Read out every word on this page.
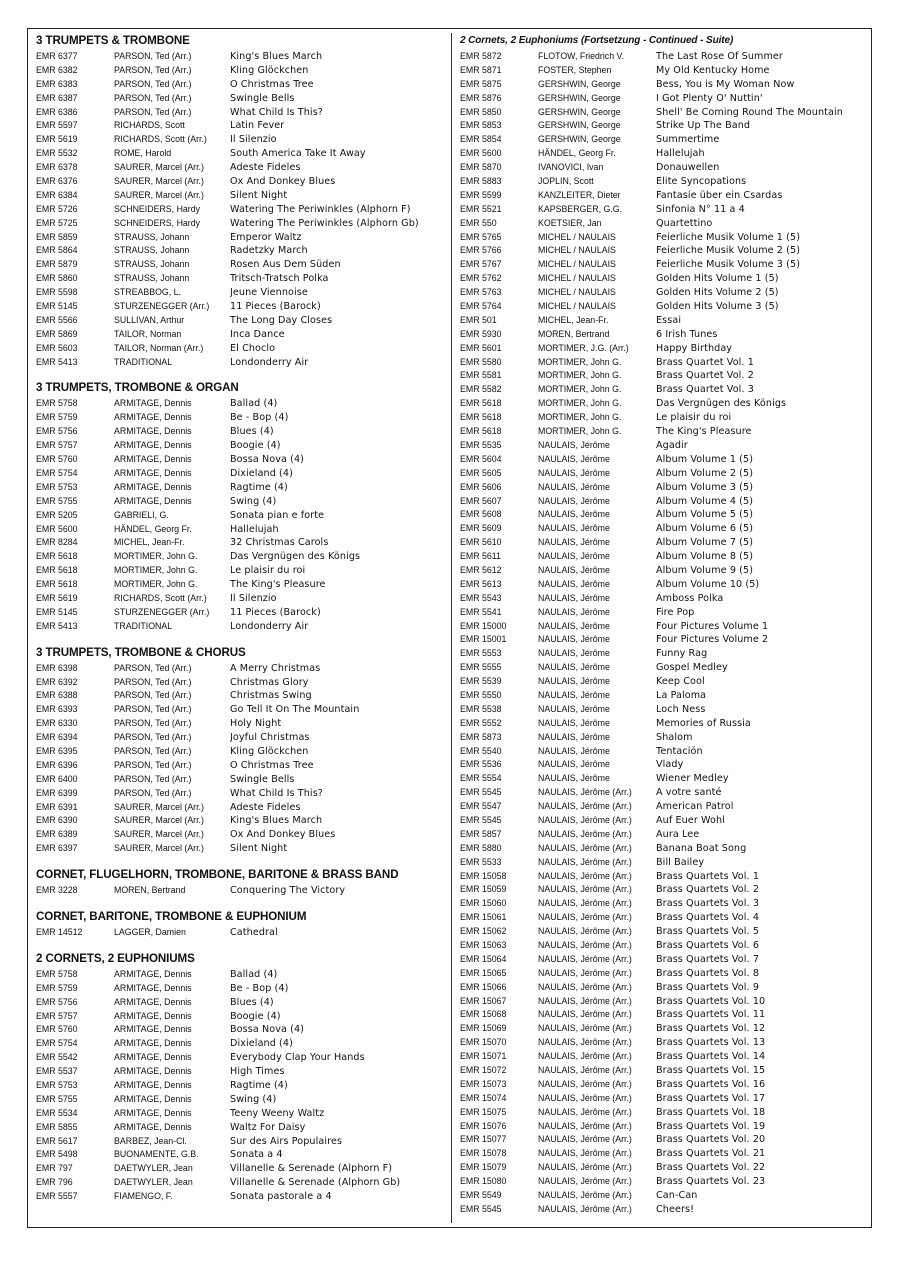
3 TRUMPETS & TROMBONE
EMR 6377	PARSON, Ted (Arr.)	King's Blues March
EMR 6382	PARSON, Ted (Arr.)	Kling Glöckchen
EMR 6383	PARSON, Ted (Arr.)	O Christmas Tree
EMR 6387	PARSON, Ted (Arr.)	Swingle Bells
EMR 6386	PARSON, Ted (Arr.)	What Child Is This?
EMR 5597	RICHARDS, Scott	Latin Fever
EMR 5619	RICHARDS, Scott (Arr.)	Il Silenzio
EMR 5532	ROME, Harold	South America Take It Away
EMR 6378	SAURER, Marcel (Arr.)	Adeste Fideles
EMR 6376	SAURER, Marcel (Arr.)	Ox And Donkey Blues
EMR 6384	SAURER, Marcel (Arr.)	Silent Night
EMR 5726	SCHNEIDERS, Hardy	Watering The Periwinkles (Alphorn F)
EMR 5725	SCHNEIDERS, Hardy	Watering The Periwinkles (Alphorn Gb)
EMR 5859	STRAUSS, Johann	Emperor Waltz
EMR 5864	STRAUSS, Johann	Radetzky March
EMR 5879	STRAUSS, Johann	Rosen Aus Dem Süden
EMR 5860	STRAUSS, Johann	Tritsch-Tratsch Polka
EMR 5598	STREABBOG, L.	Jeune Viennoise
EMR 5145	STURZENEGGER (Arr.)	11 Pieces (Barock)
EMR 5566	SULLIVAN, Arthur	The Long Day Closes
EMR 5869	TAILOR, Norman	Inca Dance
EMR 5603	TAILOR, Norman (Arr.)	El Choclo
EMR 5413	TRADITIONAL	Londonderry Air
3 TRUMPETS, TROMBONE & ORGAN
EMR 5758	ARMITAGE, Dennis	Ballad (4)
EMR 5759	ARMITAGE, Dennis	Be - Bop (4)
EMR 5756	ARMITAGE, Dennis	Blues (4)
EMR 5757	ARMITAGE, Dennis	Boogie (4)
EMR 5760	ARMITAGE, Dennis	Bossa Nova (4)
EMR 5754	ARMITAGE, Dennis	Dixieland (4)
EMR 5753	ARMITAGE, Dennis	Ragtime (4)
EMR 5755	ARMITAGE, Dennis	Swing (4)
EMR 5205	GABRIELI, G.	Sonata pian e forte
EMR 5600	HÄNDEL, Georg Fr.	Hallelujah
EMR 8284	MICHEL, Jean-Fr.	32 Christmas Carols
EMR 5618	MORTIMER, John G.	Das Vergnügen des Königs
EMR 5618	MORTIMER, John G.	Le plaisir du roi
EMR 5618	MORTIMER, John G.	The King's Pleasure
EMR 5619	RICHARDS, Scott (Arr.)	Il Silenzio
EMR 5145	STURZENEGGER (Arr.)	11 Pieces (Barock)
EMR 5413	TRADITIONAL	Londonderry Air
3 TRUMPETS, TROMBONE & CHORUS
EMR 6398	PARSON, Ted (Arr.)	A Merry Christmas
EMR 6392	PARSON, Ted (Arr.)	Christmas Glory
EMR 6388	PARSON, Ted (Arr.)	Christmas Swing
EMR 6393	PARSON, Ted (Arr.)	Go Tell It On The Mountain
EMR 6330	PARSON, Ted (Arr.)	Holy Night
EMR 6394	PARSON, Ted (Arr.)	Joyful Christmas
EMR 6395	PARSON, Ted (Arr.)	Kling Glöckchen
EMR 6396	PARSON, Ted (Arr.)	O Christmas Tree
EMR 6400	PARSON, Ted (Arr.)	Swingle Bells
EMR 6399	PARSON, Ted (Arr.)	What Child Is This?
EMR 6391	SAURER, Marcel (Arr.)	Adeste Fideles
EMR 6390	SAURER, Marcel (Arr.)	King's Blues March
EMR 6389	SAURER, Marcel (Arr.)	Ox And Donkey Blues
EMR 6397	SAURER, Marcel (Arr.)	Silent Night
CORNET, FLUGELHORN, TROMBONE, BARITONE & BRASS BAND
EMR 3228	MOREN, Bertrand	Conquering The Victory
CORNET, BARITONE, TROMBONE & EUPHONIUM
EMR 14512	LAGGER, Damien	Cathedral
2 CORNETS, 2 EUPHONIUMS
EMR 5758	ARMITAGE, Dennis	Ballad (4)
EMR 5759	ARMITAGE, Dennis	Be - Bop (4)
EMR 5756	ARMITAGE, Dennis	Blues (4)
EMR 5757	ARMITAGE, Dennis	Boogie (4)
EMR 5760	ARMITAGE, Dennis	Bossa Nova (4)
EMR 5754	ARMITAGE, Dennis	Dixieland (4)
EMR 5542	ARMITAGE, Dennis	Everybody Clap Your Hands
EMR 5537	ARMITAGE, Dennis	High Times
EMR 5753	ARMITAGE, Dennis	Ragtime (4)
EMR 5755	ARMITAGE, Dennis	Swing (4)
EMR 5534	ARMITAGE, Dennis	Teeny Weeny Waltz
EMR 5855	ARMITAGE, Dennis	Waltz For Daisy
EMR 5617	BARBEZ, Jean-Cl.	Sur des Airs Populaires
EMR 5498	BUONAMENTE, G.B.	Sonata a 4
EMR 797	DAETWYLER, Jean	Villanelle & Serenade (Alphorn F)
EMR 796	DAETWYLER, Jean	Villanelle & Serenade (Alphorn Gb)
EMR 5557	FIAMENGO, F.	Sonata pastorale a 4
2 Cornets, 2 Euphoniums (Fortsetzung - Continued - Suite)
EMR 5872	FLOTOW, Friedrich V.	The Last Rose Of Summer
EMR 5871	FOSTER, Stephen	My Old Kentucky Home
EMR 5875	GERSHWIN, George	Bess, You is My Woman Now
EMR 5876	GERSHWIN, George	I Got Plenty O' Nuttin'
EMR 5850	GERSHWIN, George	Shell' Be Coming Round The Mountain
EMR 5853	GERSHWIN, George	Strike Up The Band
EMR 5854	GERSHWIN, George	Summertime
EMR 5600	HÄNDEL, Georg Fr.	Hallelujah
EMR 5870	IVANOVICI, Ivan	Donauwellen
EMR 5883	JOPLIN, Scott	Elite Syncopations
EMR 5599	KANZLEITER, Dieter	Fantasie über ein Csardas
EMR 5521	KAPSBERGER, G.G.	Sinfonia N° 11 a 4
EMR 550	KOETSIER, Jan	Quartettino
EMR 5765	MICHEL / NAULAIS	Feierliche Musik Volume 1 (5)
EMR 5766	MICHEL / NAULAIS	Feierliche Musik Volume 2 (5)
EMR 5767	MICHEL / NAULAIS	Feierliche Musik Volume 3 (5)
EMR 5762	MICHEL / NAULAIS	Golden Hits Volume 1 (5)
EMR 5763	MICHEL / NAULAIS	Golden Hits Volume 2 (5)
EMR 5764	MICHEL / NAULAIS	Golden Hits Volume 3 (5)
EMR 501	MICHEL, Jean-Fr.	Essai
EMR 5930	MOREN, Bertrand	6 Irish Tunes
EMR 5601	MORTIMER, J.G. (Arr.)	Happy Birthday
EMR 5580	MORTIMER, John G.	Brass Quartet Vol. 1
EMR 5581	MORTIMER, John G.	Brass Quartet Vol. 2
EMR 5582	MORTIMER, John G.	Brass Quartet Vol. 3
EMR 5618	MORTIMER, John G.	Das Vergnügen des Königs
EMR 5618	MORTIMER, John G.	Le plaisir du roi
EMR 5618	MORTIMER, John G.	The King's Pleasure
EMR 5535	NAULAIS, Jérôme	Agadir
EMR 5604	NAULAIS, Jérôme	Album Volume 1 (5)
EMR 5605	NAULAIS, Jérôme	Album Volume 2 (5)
EMR 5606	NAULAIS, Jérôme	Album Volume 3 (5)
EMR 5607	NAULAIS, Jérôme	Album Volume 4 (5)
EMR 5608	NAULAIS, Jérôme	Album Volume 5 (5)
EMR 5609	NAULAIS, Jérôme	Album Volume 6 (5)
EMR 5610	NAULAIS, Jérôme	Album Volume 7 (5)
EMR 5611	NAULAIS, Jérôme	Album Volume 8 (5)
EMR 5612	NAULAIS, Jérôme	Album Volume 9 (5)
EMR 5613	NAULAIS, Jérôme	Album Volume 10 (5)
EMR 5543	NAULAIS, Jérôme	Amboss Polka
EMR 5541	NAULAIS, Jérôme	Fire Pop
EMR 15000	NAULAIS, Jérôme	Four Pictures Volume 1
EMR 15001	NAULAIS, Jérôme	Four Pictures Volume 2
EMR 5553	NAULAIS, Jérôme	Funny Rag
EMR 5555	NAULAIS, Jérôme	Gospel Medley
EMR 5539	NAULAIS, Jérôme	Keep Cool
EMR 5550	NAULAIS, Jérôme	La Paloma
EMR 5538	NAULAIS, Jérôme	Loch Ness
EMR 5552	NAULAIS, Jérôme	Memories of Russia
EMR 5873	NAULAIS, Jérôme	Shalom
EMR 5540	NAULAIS, Jérôme	Tentación
EMR 5536	NAULAIS, Jérôme	Vlady
EMR 5554	NAULAIS, Jérôme	Wiener Medley
EMR 5545	NAULAIS, Jérôme (Arr.)	A votre santé
EMR 5547	NAULAIS, Jérôme (Arr.)	American Patrol
EMR 5545	NAULAIS, Jérôme (Arr.)	Auf Euer Wohl
EMR 5857	NAULAIS, Jérôme (Arr.)	Aura Lee
EMR 5880	NAULAIS, Jérôme (Arr.)	Banana Boat Song
EMR 5533	NAULAIS, Jérôme (Arr.)	Bill Bailey
EMR 15058	NAULAIS, Jérôme (Arr.)	Brass Quartets Vol. 1
EMR 15059	NAULAIS, Jérôme (Arr.)	Brass Quartets Vol. 2
EMR 15060	NAULAIS, Jérôme (Arr.)	Brass Quartets Vol. 3
EMR 15061	NAULAIS, Jérôme (Arr.)	Brass Quartets Vol. 4
EMR 15062	NAULAIS, Jérôme (Arr.)	Brass Quartets Vol. 5
EMR 15063	NAULAIS, Jérôme (Arr.)	Brass Quartets Vol. 6
EMR 15064	NAULAIS, Jérôme (Arr.)	Brass Quartets Vol. 7
EMR 15065	NAULAIS, Jérôme (Arr.)	Brass Quartets Vol. 8
EMR 15066	NAULAIS, Jérôme (Arr.)	Brass Quartets Vol. 9
EMR 15067	NAULAIS, Jérôme (Arr.)	Brass Quartets Vol. 10
EMR 15068	NAULAIS, Jérôme (Arr.)	Brass Quartets Vol. 11
EMR 15069	NAULAIS, Jérôme (Arr.)	Brass Quartets Vol. 12
EMR 15070	NAULAIS, Jérôme (Arr.)	Brass Quartets Vol. 13
EMR 15071	NAULAIS, Jérôme (Arr.)	Brass Quartets Vol. 14
EMR 15072	NAULAIS, Jérôme (Arr.)	Brass Quartets Vol. 15
EMR 15073	NAULAIS, Jérôme (Arr.)	Brass Quartets Vol. 16
EMR 15074	NAULAIS, Jérôme (Arr.)	Brass Quartets Vol. 17
EMR 15075	NAULAIS, Jérôme (Arr.)	Brass Quartets Vol. 18
EMR 15076	NAULAIS, Jérôme (Arr.)	Brass Quartets Vol. 19
EMR 15077	NAULAIS, Jérôme (Arr.)	Brass Quartets Vol. 20
EMR 15078	NAULAIS, Jérôme (Arr.)	Brass Quartets Vol. 21
EMR 15079	NAULAIS, Jérôme (Arr.)	Brass Quartets Vol. 22
EMR 15080	NAULAIS, Jérôme (Arr.)	Brass Quartets Vol. 23
EMR 5549	NAULAIS, Jérôme (Arr.)	Can-Can
EMR 5545	NAULAIS, Jérôme (Arr.)	Cheers!
